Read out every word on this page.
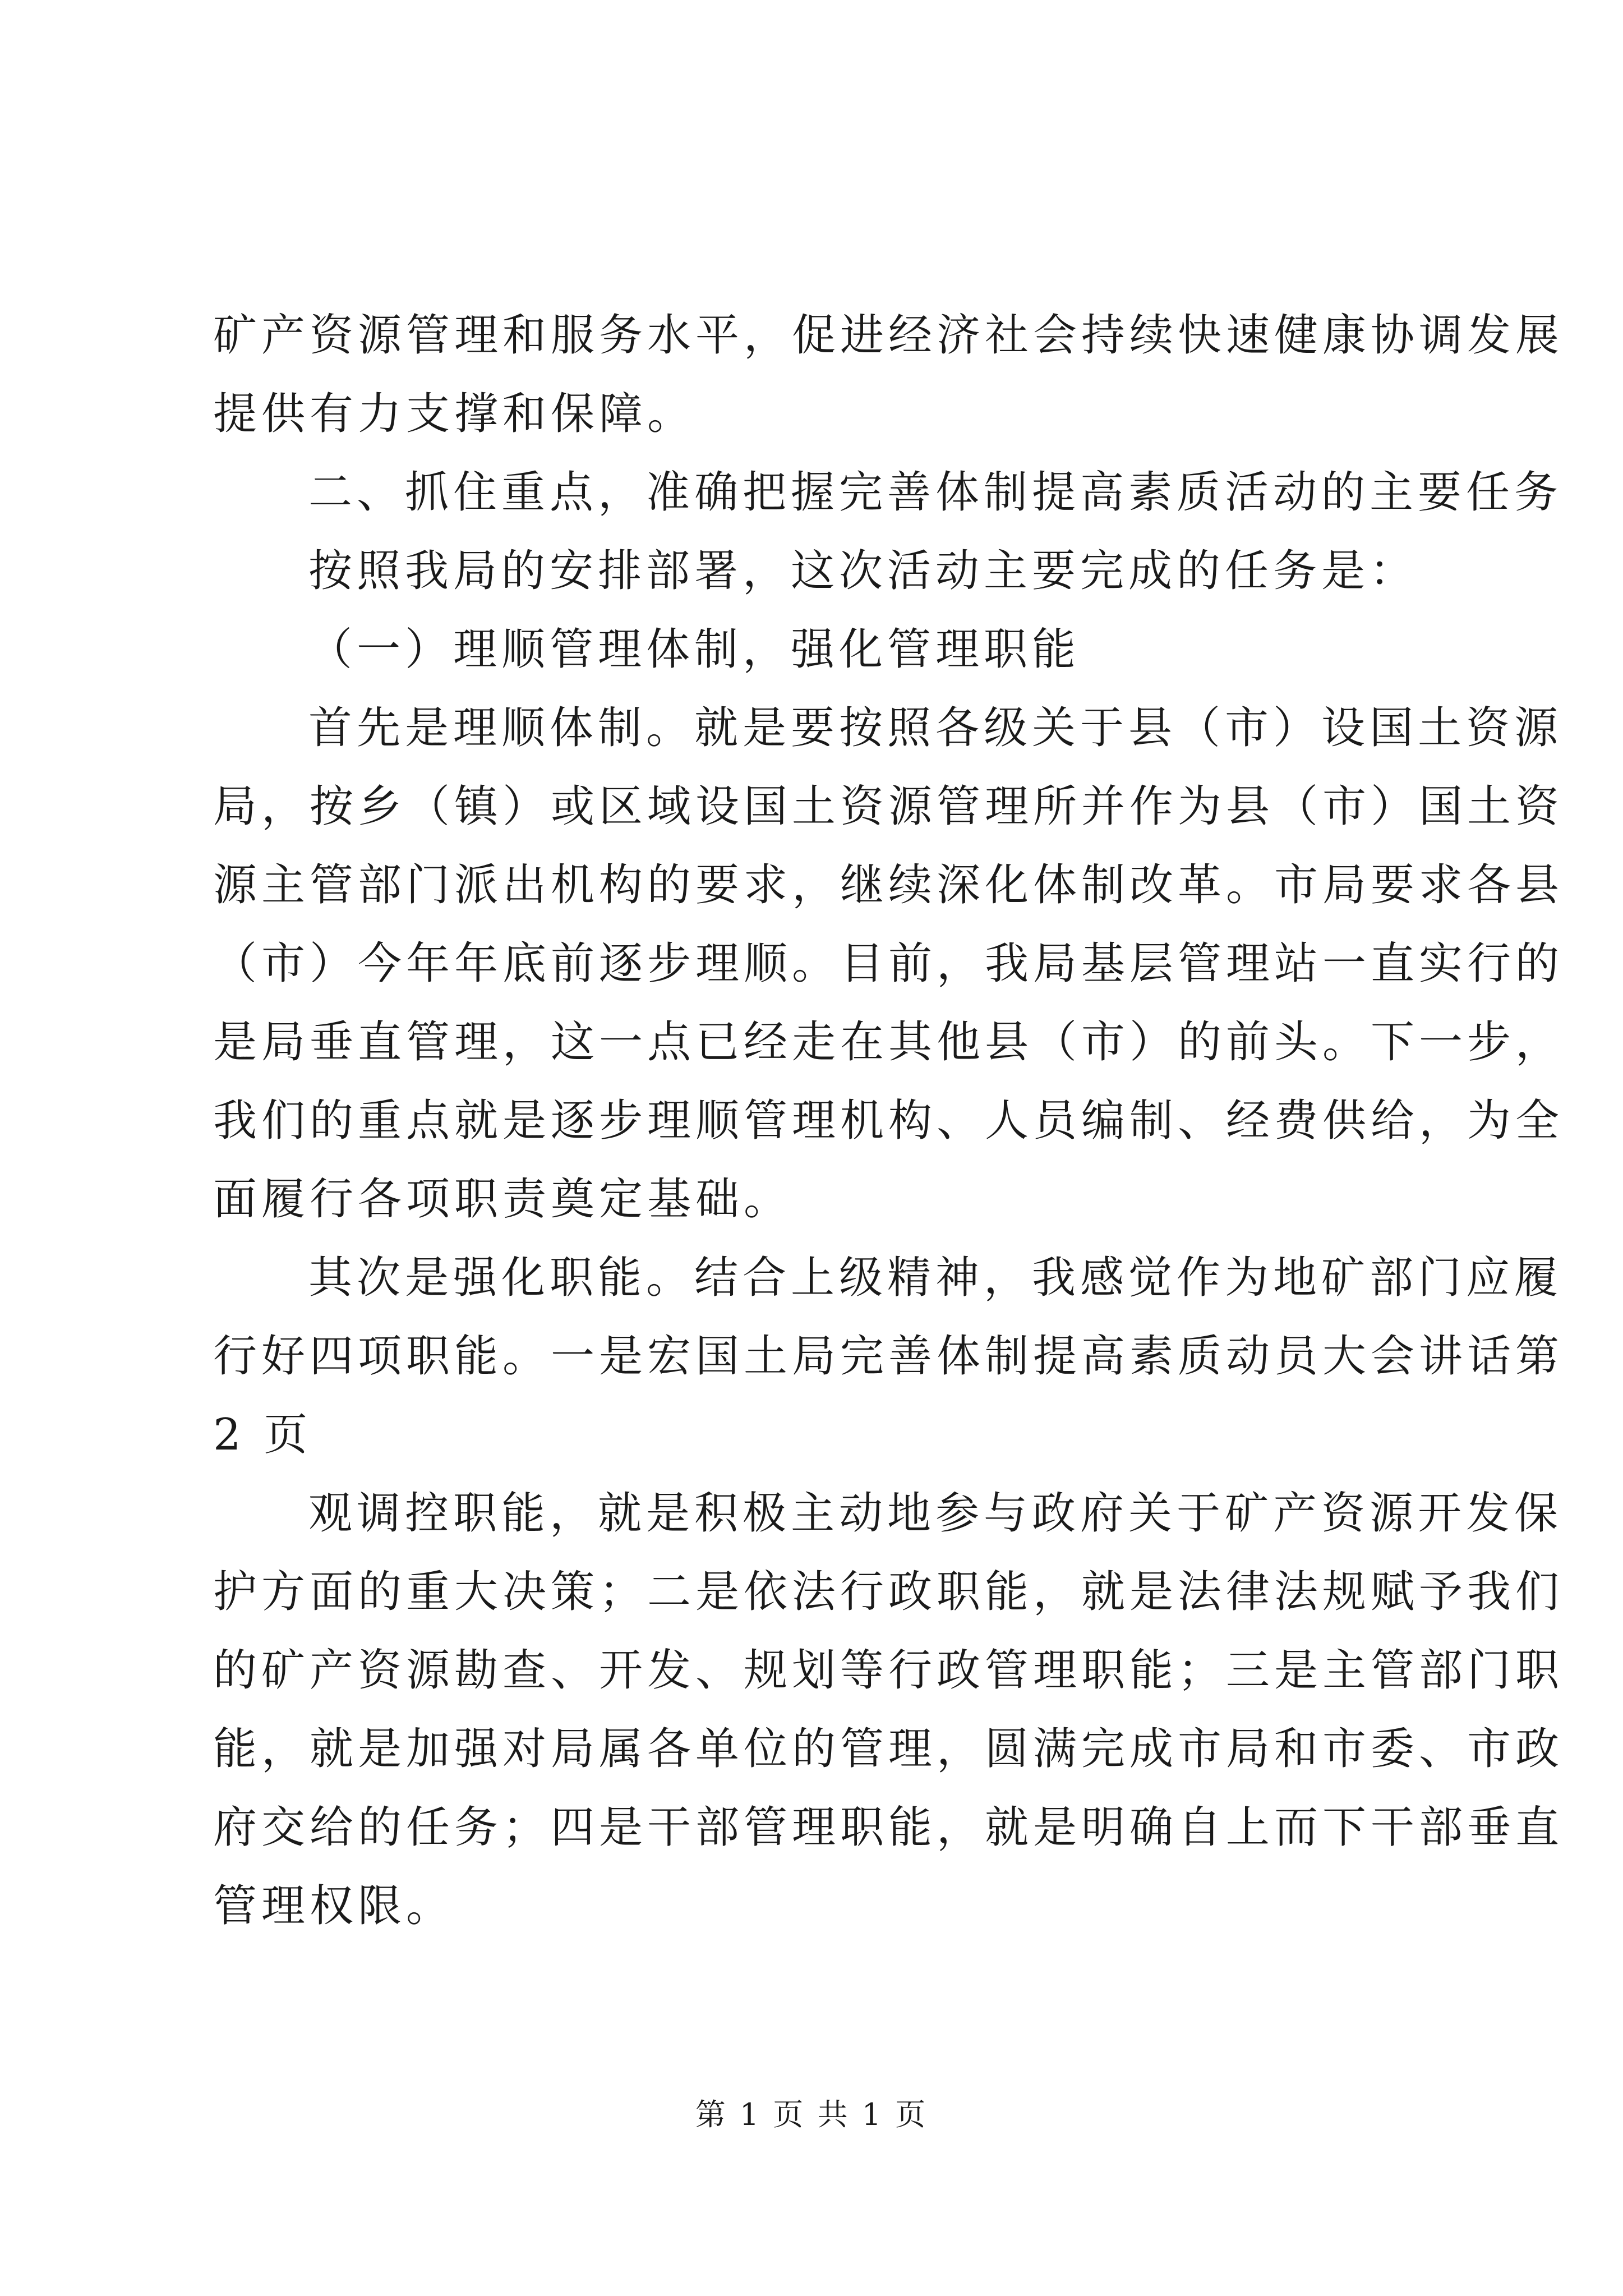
矿产资源管理和服务水平，促进经济社会持续快速健康协调发展
提供有力支撑和保障。
二、抓住重点，准确把握完善体制提高素质活动的主要任务
按照我局的安排部署，这次活动主要完成的任务是：
（一）理顺管理体制，强化管理职能
首先是理顺体制。就是要按照各级关于县（市）设国土资源
局，按乡（镇）或区域设国土资源管理所并作为县（市）国土资
源主管部门派出机构的要求，继续深化体制改革。市局要求各县
（市）今年年底前逐步理顺。目前，我局基层管理站一直实行的
是局垂直管理，这一点已经走在其他县（市）的前头。下一步，
我们的重点就是逐步理顺管理机构、人员编制、经费供给，为全
面履行各项职责奠定基础。
其次是强化职能。结合上级精神，我感觉作为地矿部门应履
行好四项职能。一是宏国土局完善体制提高素质动员大会讲话第
2 页
观调控职能，就是积极主动地参与政府关于矿产资源开发保
护方面的重大决策；二是依法行政职能，就是法律法规赋予我们
的矿产资源勘查、开发、规划等行政管理职能；三是主管部门职
能，就是加强对局属各单位的管理，圆满完成市局和市委、市政
府交给的任务；四是干部管理职能，就是明确自上而下干部垂直
管理权限。
第 1 页 共 1 页
